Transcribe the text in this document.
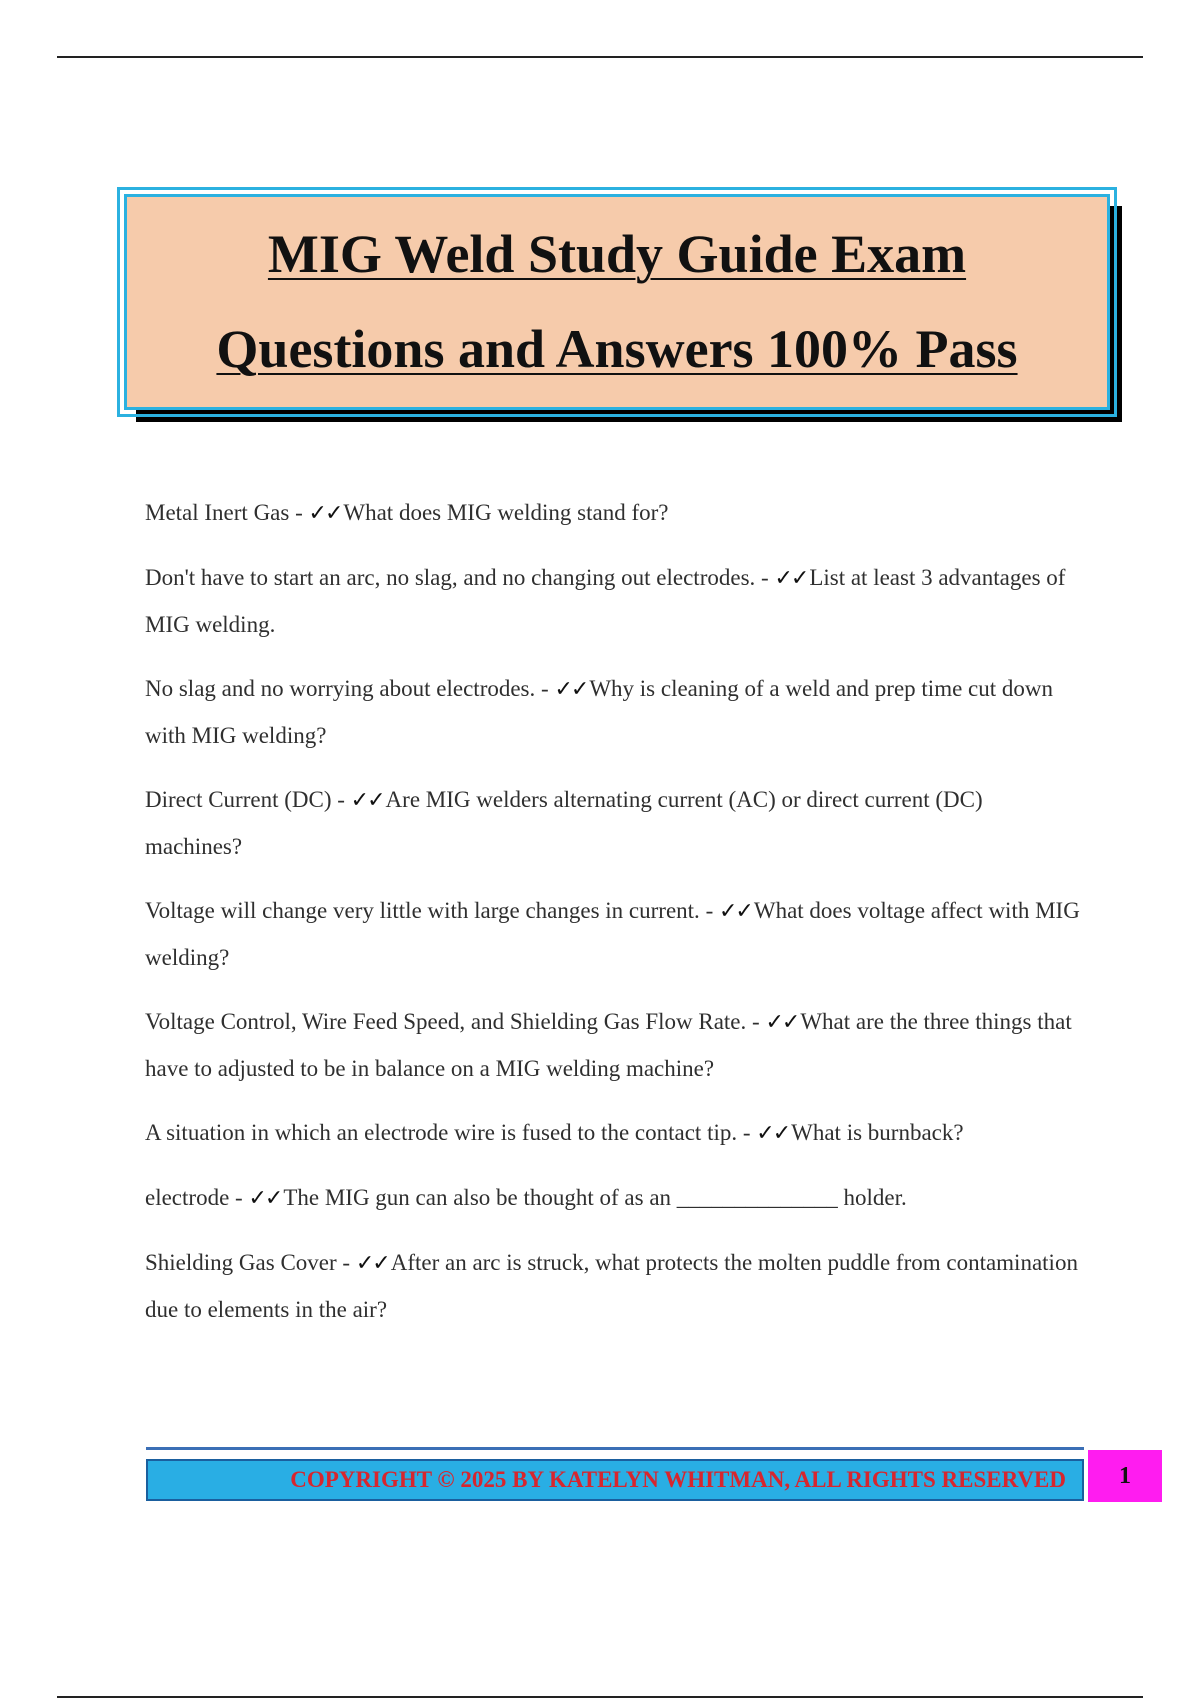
MIG Weld Study Guide Exam
Questions and Answers 100% Pass
Metal Inert Gas - ✓✓What does MIG welding stand for?
Don't have to start an arc, no slag, and no changing out electrodes. - ✓✓List at least 3 advantages of MIG welding.
No slag and no worrying about electrodes. - ✓✓Why is cleaning of a weld and prep time cut down with MIG welding?
Direct Current (DC) - ✓✓Are MIG welders alternating current (AC) or direct current (DC) machines?
Voltage will change very little with large changes in current. - ✓✓What does voltage affect with MIG welding?
Voltage Control, Wire Feed Speed, and Shielding Gas Flow Rate. - ✓✓What are the three things that have to adjusted to be in balance on a MIG welding machine?
A situation in which an electrode wire is fused to the contact tip. - ✓✓What is burnback?
electrode - ✓✓The MIG gun can also be thought of as an ______________ holder.
Shielding Gas Cover - ✓✓After an arc is struck, what protects the molten puddle from contamination due to elements in the air?
COPYRIGHT © 2025 BY KATELYN WHITMAN, ALL RIGHTS RESERVED	1
